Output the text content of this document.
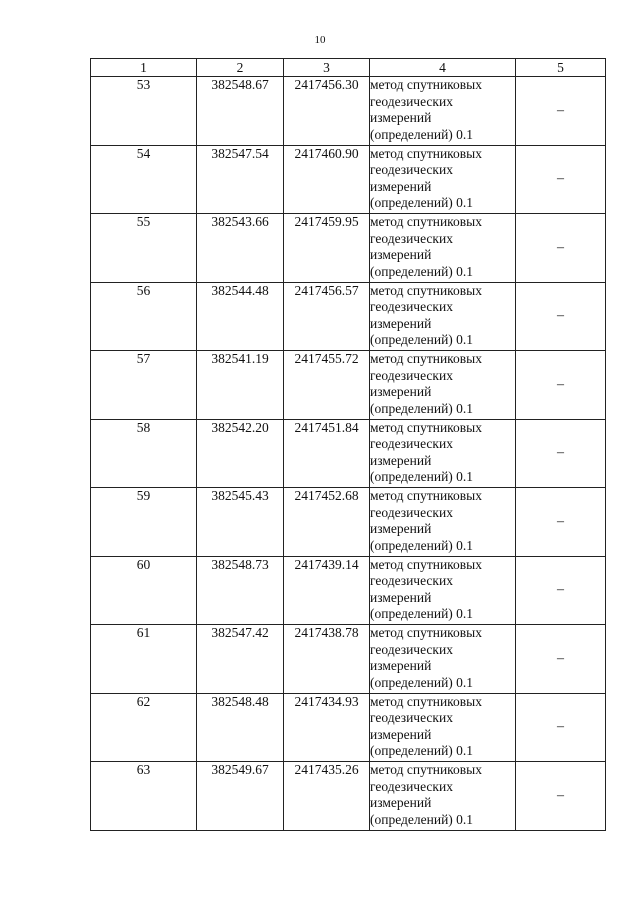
10
1	2	3	4	5
53	382548.67	2417456.30	метод спутниковых геодезических измерений (определений) 0.1	–
54	382547.54	2417460.90	метод спутниковых геодезических измерений (определений) 0.1	–
55	382543.66	2417459.95	метод спутниковых геодезических измерений (определений) 0.1	–
56	382544.48	2417456.57	метод спутниковых геодезических измерений (определений) 0.1	–
57	382541.19	2417455.72	метод спутниковых геодезических измерений (определений) 0.1	–
58	382542.20	2417451.84	метод спутниковых геодезических измерений (определений) 0.1	–
59	382545.43	2417452.68	метод спутниковых геодезических измерений (определений) 0.1	–
60	382548.73	2417439.14	метод спутниковых геодезических измерений (определений) 0.1	–
61	382547.42	2417438.78	метод спутниковых геодезических измерений (определений) 0.1	–
62	382548.48	2417434.93	метод спутниковых геодезических измерений (определений) 0.1	–
63	382549.67	2417435.26	метод спутниковых геодезических измерений (определений) 0.1	–
